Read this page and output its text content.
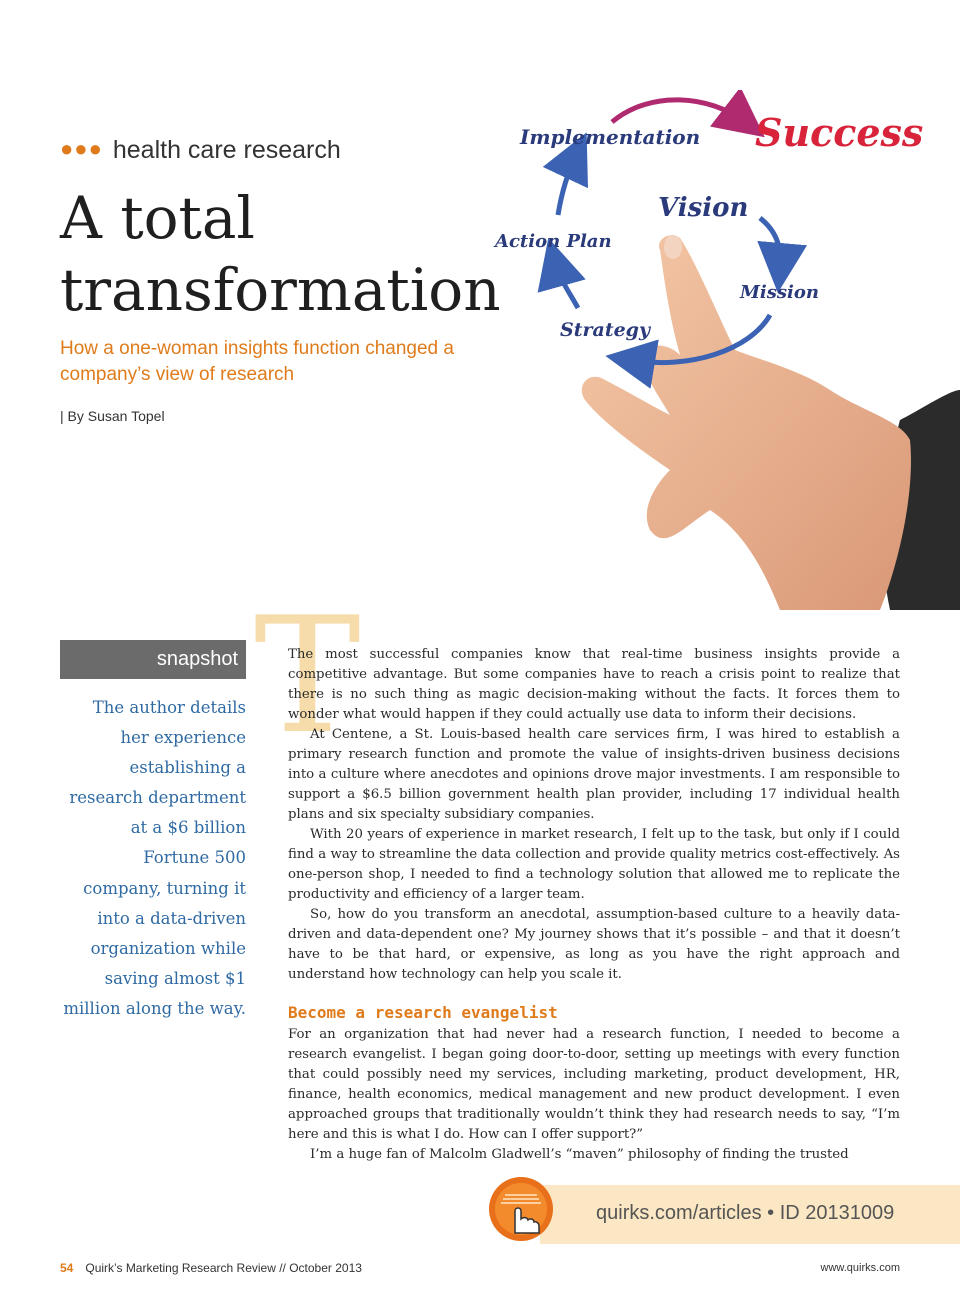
●●● health care research
A total
transformation
How a one-woman insights function changed a company’s view of research
| By Susan Topel
Implementation Success
Vision
Action Plan
Mission
Strategy
snapshot
The author details her experience establishing a research department at a $6 billion Fortune 500 company, turning it into a data-driven organization while saving almost $1 million along the way.
T

The most successful companies know that real-time business insights provide a competitive advantage. But some companies have to reach a crisis point to realize that there is no such thing as magic decision-making without the facts. It forces them to wonder what would happen if they could actually use data to inform their decisions.

At Centene, a St. Louis-based health care services firm, I was hired to establish a primary research function and promote the value of insights-driven business decisions into a culture where anecdotes and opinions drove major investments. I am responsible to support a $6.5 billion government health plan provider, including 17 individual health plans and six specialty subsidiary companies.

With 20 years of experience in market research, I felt up to the task, but only if I could find a way to streamline the data collection and provide quality metrics cost-effectively. As one-person shop, I needed to find a technology solution that allowed me to replicate the productivity and efficiency of a larger team.

So, how do you transform an anecdotal, assumption-based culture to a heavily data-driven and data-dependent one? My journey shows that it’s possible – and that it doesn’t have to be that hard, or expensive, as long as you have the right approach and understand how technology can help you scale it.

Become a research evangelist

For an organization that had never had a research function, I needed to become a research evangelist. I began going door-to-door, setting up meetings with every function that could possibly need my services, including marketing, product development, HR, finance, health economics, medical management and new product development. I even approached groups that traditionally wouldn’t think they had research needs to say, “I’m here and this is what I do. How can I offer support?”

I’m a huge fan of Malcolm Gladwell’s “maven” philosophy of finding the trusted

quirks.com/articles • ID 20131009
54 Quirk’s Marketing Research Review // October 2013	www.quirks.com
